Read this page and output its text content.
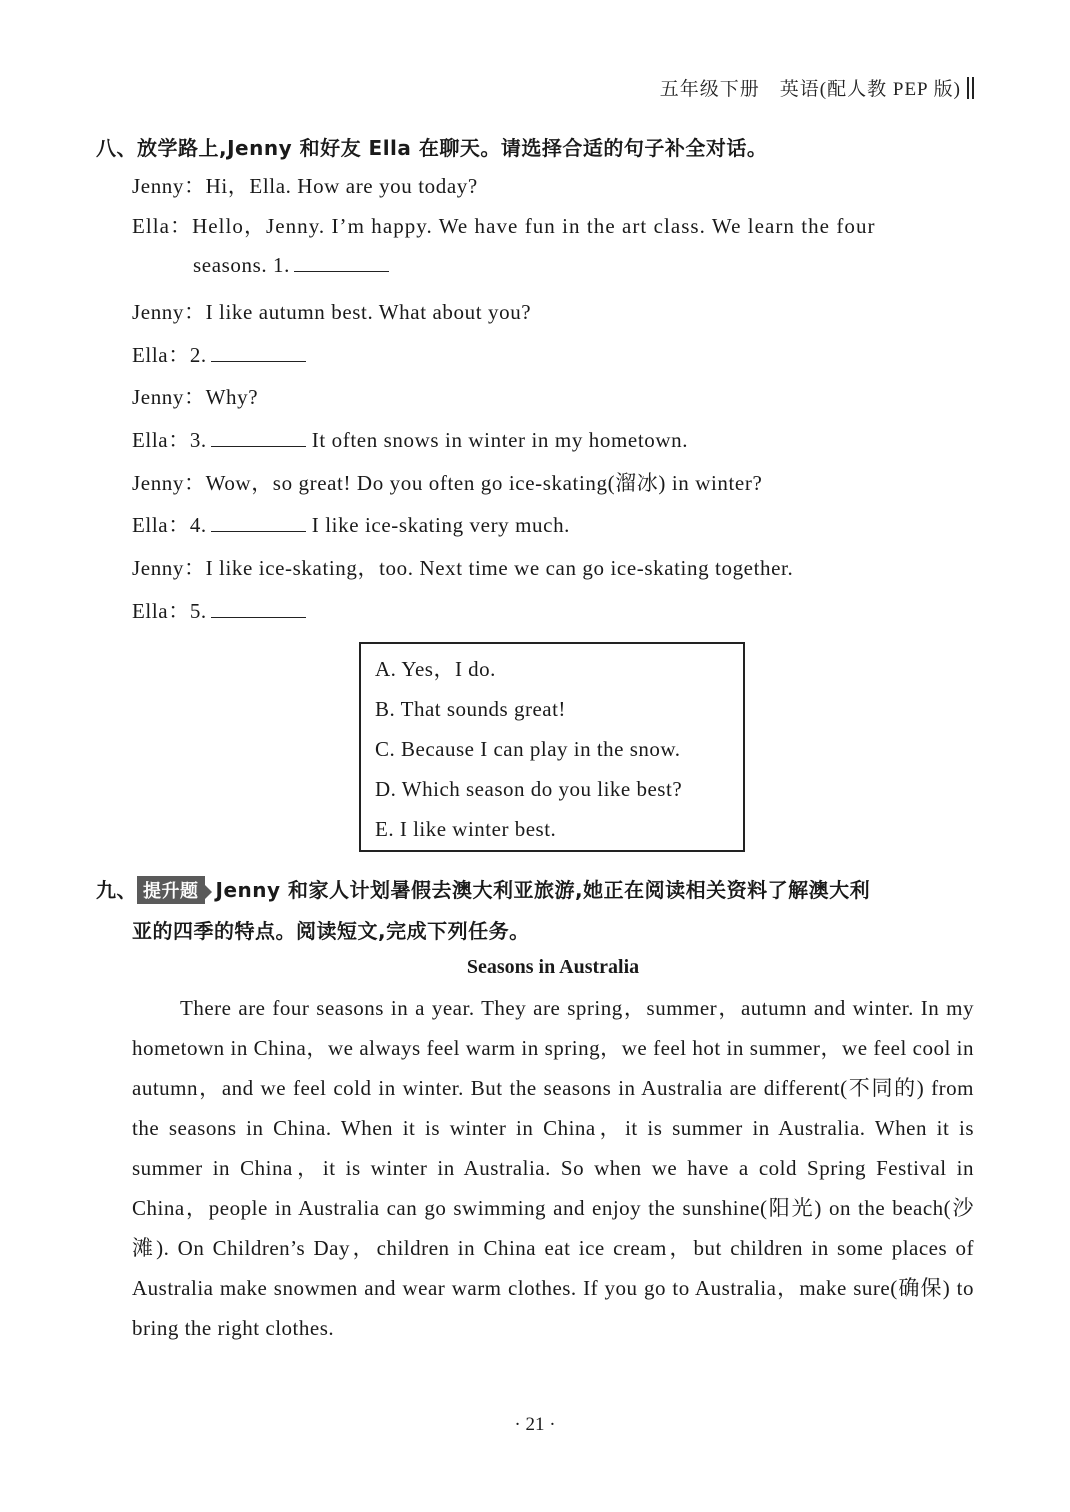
五年级下册　英语(配人教 PEP 版)
八、放学路上,Jenny 和好友 Ella 在聊天。请选择合适的句子补全对话。
Jenny：Hi，Ella. How are you today?
Ella：Hello，Jenny. I’m happy. We have fun in the art class. We learn the four
seasons. 1.
Jenny：I like autumn best. What about you?
Ella：2.
Jenny：Why?
Ella：3.	It often snows in winter in my hometown.
Jenny：Wow，so great! Do you often go ice-skating(溜冰) in winter?
Ella：4.	I like ice-skating very much.
Jenny：I like ice-skating，too. Next time we can go ice-skating together.
Ella：5.
A. Yes，I do.
B. That sounds great!
C. Because I can play in the snow.
D. Which season do you like best?
E. I like winter best.
九、 提升题 Jenny 和家人计划暑假去澳大利亚旅游,她正在阅读相关资料了解澳大利
亚的四季的特点。阅读短文,完成下列任务。
Seasons in Australia
There are four seasons in a year. They are spring，summer，autumn and winter. In my hometown in China，we always feel warm in spring，we feel hot in summer，we feel cool in autumn，and we feel cold in winter. But the seasons in Australia are different(不同的) from the seasons in China. When it is winter in China，it is summer in Australia. When it is summer in China，it is winter in Australia. So when we have a cold Spring Festival in China，people in Australia can go swimming and enjoy the sunshine(阳光) on the beach(沙滩). On Children’s Day，children in China eat ice cream，but children in some places of Australia make snowmen and wear warm clothes. If you go to Australia，make sure(确保) to bring the right clothes.
· 21 ·
